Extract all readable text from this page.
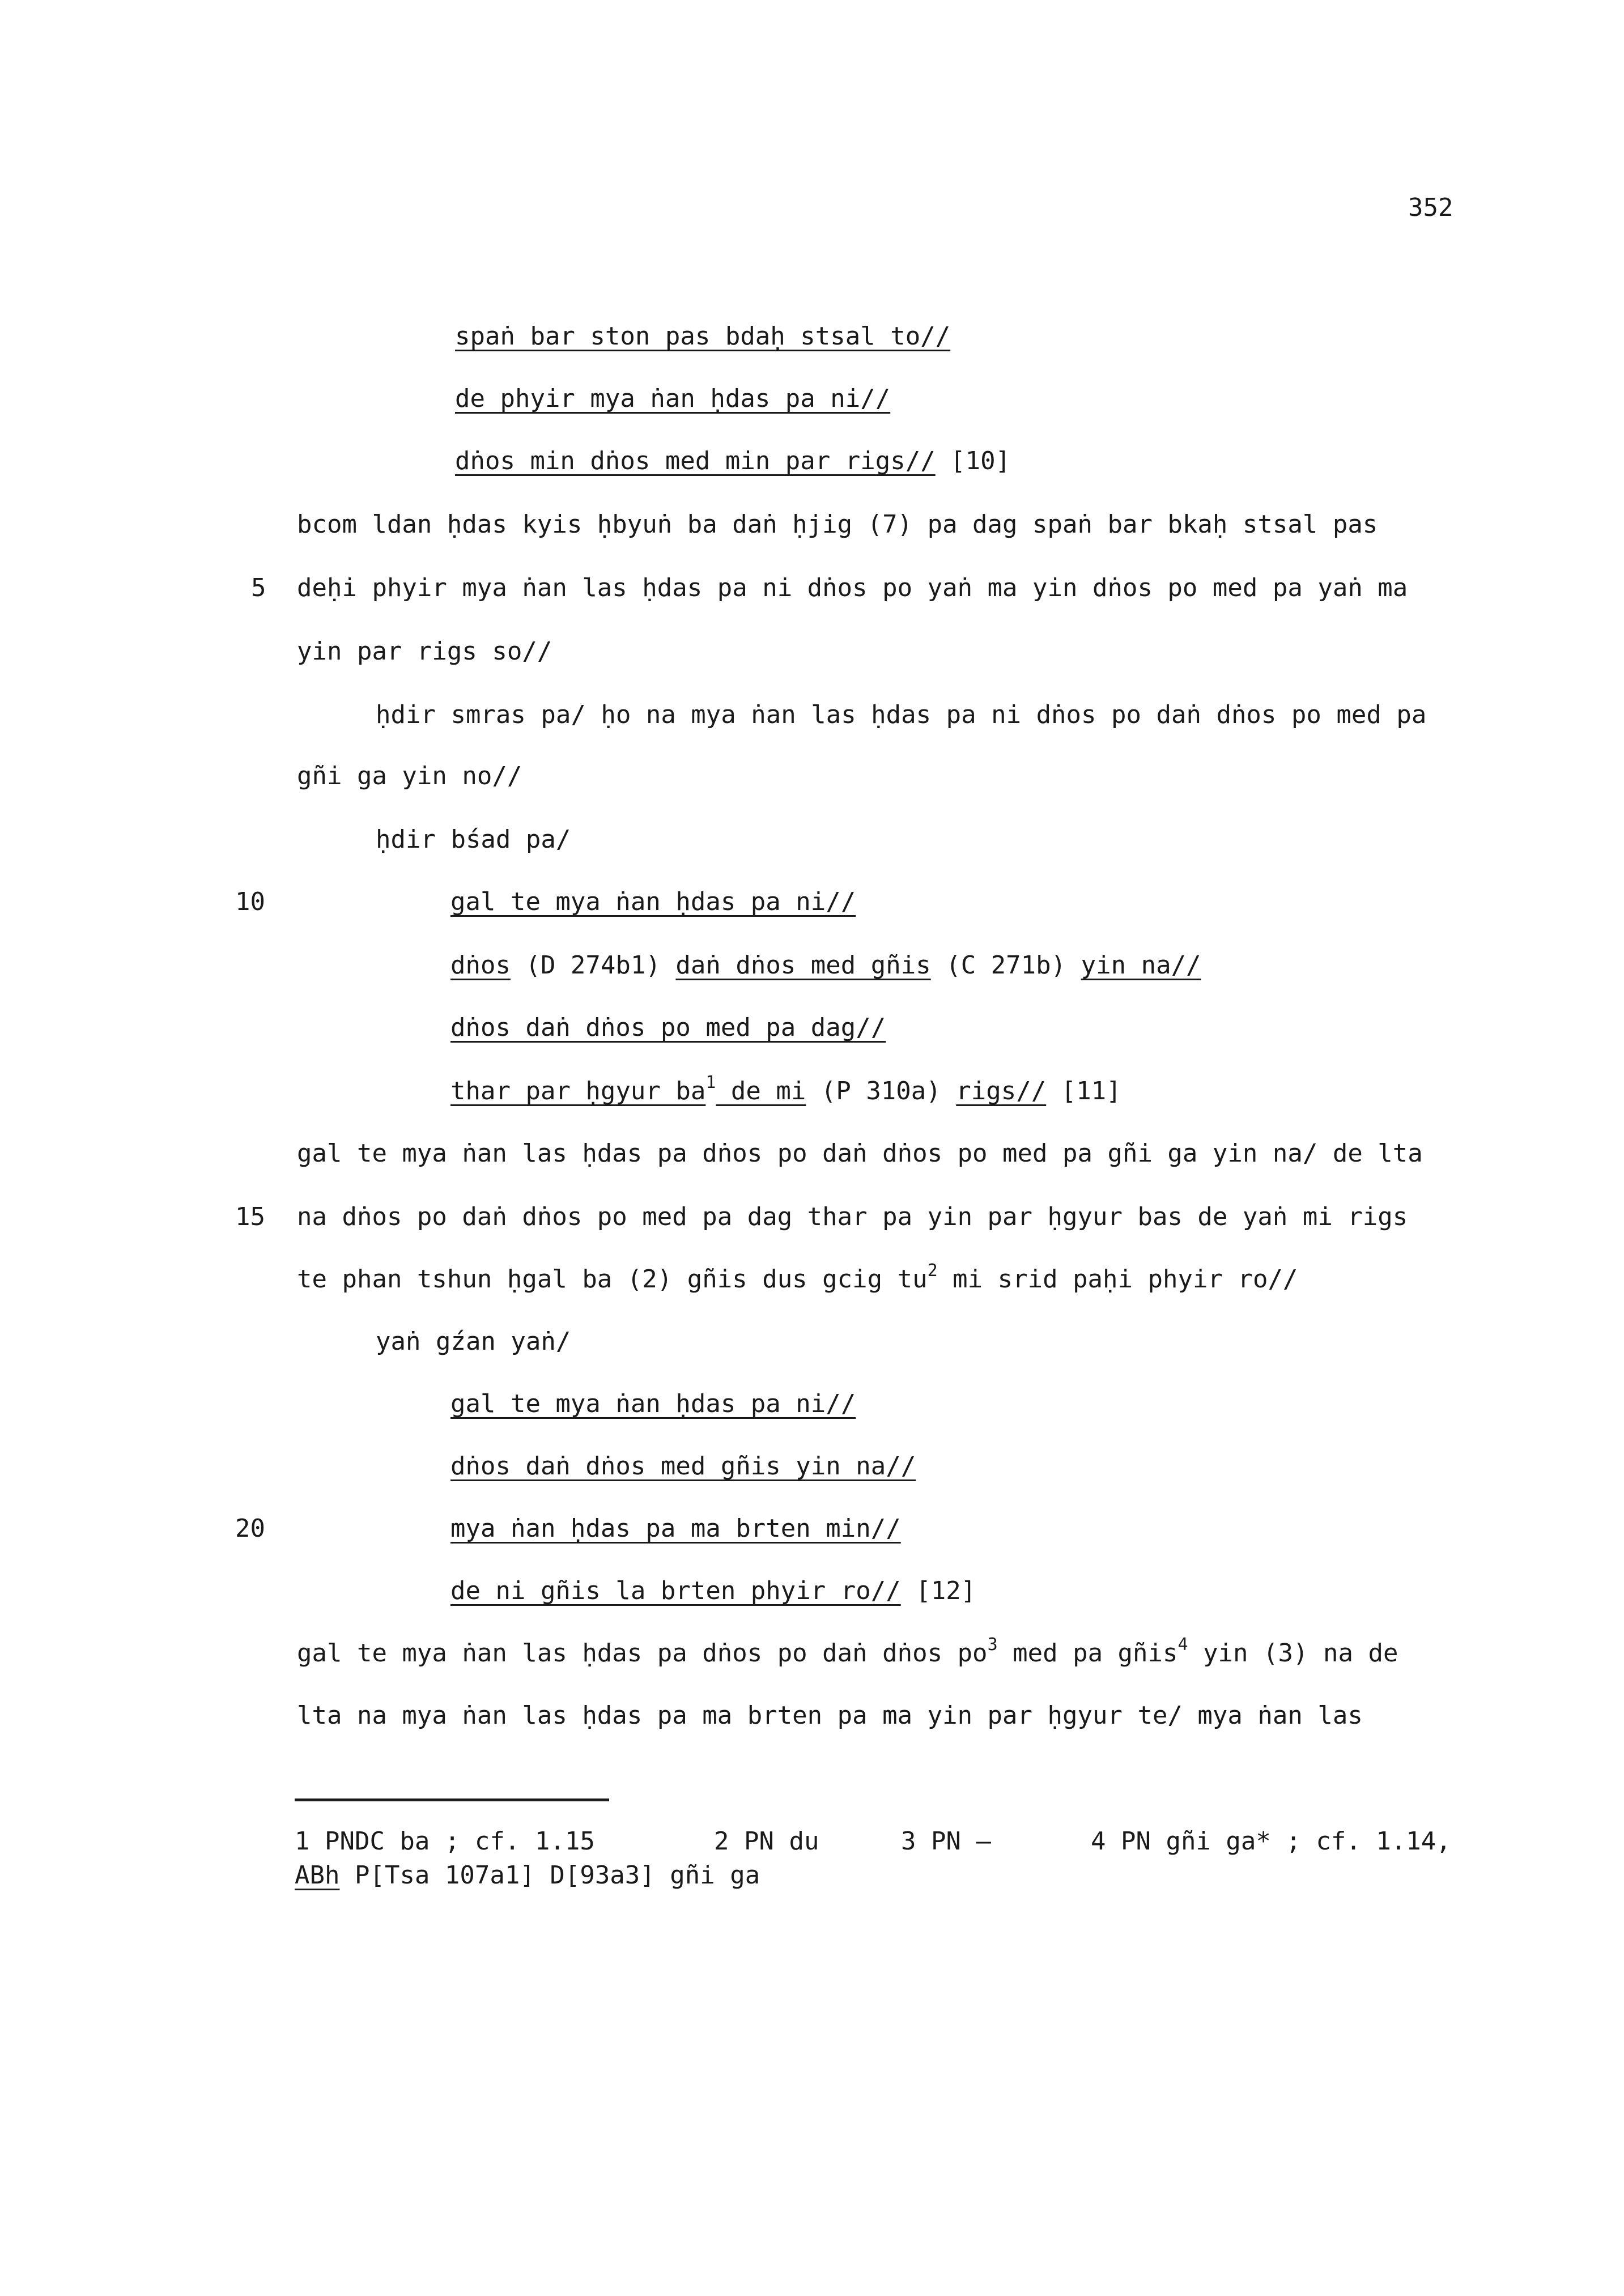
352
spaṅ bar ston pas bdaḥ stsal to//
de phyir mya ṅan ḥdas pa ni//
dṅos min dṅos med min par rigs// [10]
bcom ldan ḥdas kyis ḥbyuṅ ba daṅ ḥjig (7) pa dag spaṅ bar bkaḥ stsal pas
deḥi phyir mya ṅan las ḥdas pa ni dṅos po yaṅ ma yin dṅos po med pa yaṅ ma
5
yin par rigs so//
ḥdir smras pa/ ḥo na mya ṅan las ḥdas pa ni dṅos po daṅ dṅos po med pa
gñi ga yin no//
ḥdir bśad pa/
gal te mya ṅan ḥdas pa ni//
10
dṅos (D 274b1) daṅ dṅos med gñis (C 271b) yin na//
dṅos daṅ dṅos po med pa dag//
thar par ḥgyur $ba^1$ de mi (P 310a) rigs// [11]
gal te mya ṅan las ḥdas pa dṅos po daṅ dṅos po med pa gñi ga yin na/ de lta
na dṅos po daṅ dṅos po med pa dag thar pa yin par ḥgyur bas de yaṅ mi rigs
15
te phan tshun ḥgal ba (2) gñis dus gcig $tu^2$ mi srid paḥi phyir ro//
yaṅ gźan yaṅ/
gal te mya ṅan ḥdas pa ni//
dṅos daṅ dṅos med gñis yin na//
mya ṅan ḥdas pa ma brten min//
20
de ni gñis la brten phyir ro// [12]
gal te mya ṅan las ḥdas pa dṅos po daṅ dṅos $po^3$ med pa gñis$^4$ yin (3) na de
lta na mya ṅan las ḥdas pa ma brten pa ma yin par ḥgyur te/ mya ṅan las
1 PNDC ba ; cf. 1.15	2 PN du	3 PN —	4 PN gñi ga* ; cf. 1.14,
ABh P[Tsa 107a1] D[93a3] gñi ga
